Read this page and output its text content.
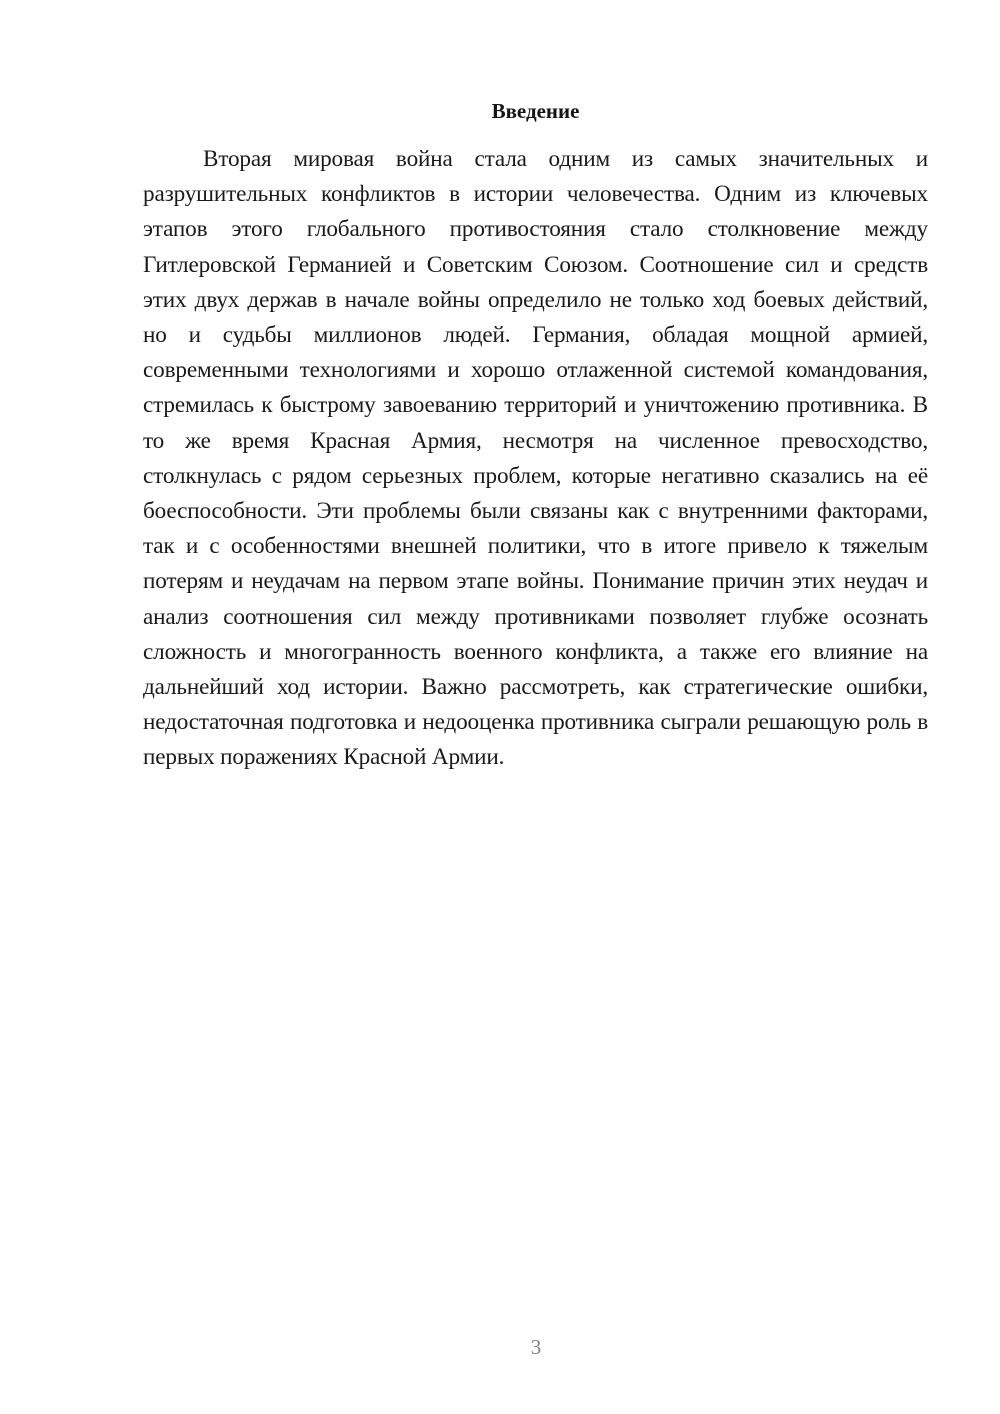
Введение

Вторая мировая война стала одним из самых значительных и разрушительных конфликтов в истории человечества. Одним из ключевых этапов этого глобального противостояния стало столкновение между Гитлеровской Германией и Советским Союзом. Соотношение сил и средств этих двух держав в начале войны определило не только ход боевых действий, но и судьбы миллионов людей. Германия, обладая мощной армией, современными технологиями и хорошо отлаженной системой командования, стремилась к быстрому завоеванию территорий и уничтожению противника. В то же время Красная Армия, несмотря на численное превосходство, столкнулась с рядом серьезных проблем, которые негативно сказались на её боеспособности. Эти проблемы были связаны как с внутренними факторами, так и с особенностями внешней политики, что в итоге привело к тяжелым потерям и неудачам на первом этапе войны. Понимание причин этих неудач и анализ соотношения сил между противниками позволяет глубже осознать сложность и многогранность военного конфликта, а также его влияние на дальнейший ход истории. Важно рассмотреть, как стратегические ошибки, недостаточная подготовка и недооценка противника сыграли решающую роль в первых поражениях Красной Армии.

3
